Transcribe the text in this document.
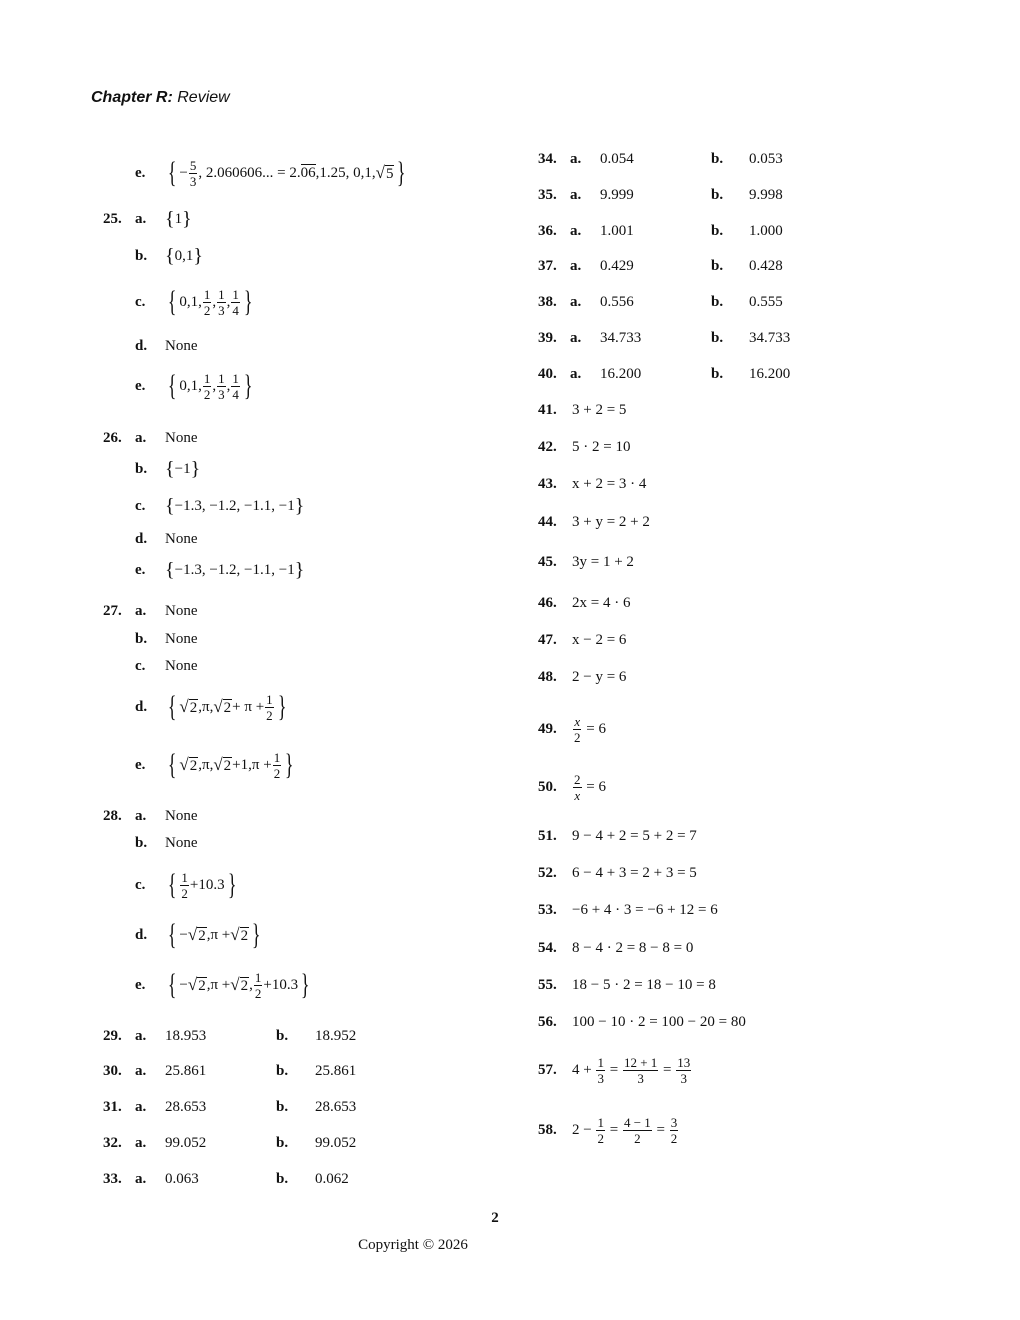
Chapter R: Review
e. { − $\frac{5}{3}$ , 2.060606... = 2. 06 ,1.25, 0,1, √ 5 }
25. a. { 1 }
b. { 0,1 }
c. { 0,1, 1
2
, 1
3
, 1
4 }
d. None
e. { 0,1, 1
2
, 1
3
, 1
4 }
26. a. None
b. { −1 }
c. { −1.3, −1.2, −1.1, −1 }
d. None
e. { −1.3, −1.2, −1.1, −1 }
27. a. None
b. None
c. None
d. { √ 2 ,π, √ $2 + \pi + \frac{1}{2}$ }
e. { √ 2 ,π, √ 2 +1 , $\pi + \frac{1}{2}$ }
28. a. None
b. None
c. { 1
2
+10.3 }
d. { − √ 2 , π + √ 2 }
e. { − √ 2 , π + √ 2 , 1
2
+10.3 }
29. a. 18.953	b. 18.952
30. a. 25.861	b. 25.861
31. a. 28.653	b. 28.653
32. a. 99.052	b. 99.052
33. a. 0.063	b. 0.062
34. a. 0.054	b. 0.053
35. a. 9.999	b. 9.998
36. a. 1.001	b. 1.000
37. a. 0.429	b. 0.428
38. a. 0.556	b. 0.555
39. a. 34.733	b. 34.733
40. a. 16.200	b. 16.200
41. 3 + 2 = 5
42. 5 · 2 = 10
43. x + 2 = 3 · 4
44. 3 + y = 2 + 2
45. 3y = 1 + 2
46. 2x = 4 · 6
47. x − 2 = 6
48. 2 − y = 6
49. $\frac{x}{2}$
= 6
50. $\frac{2}{x}$
= 6
51. 9 − 4 + 2 = 5 + 2 = 7
52. 6 − 4 + 3 = 2 + 3 = 5
53. −6 + 4 · 3 = −6 + 12 = 6
54. 8 − 4 · 2 = 8 − 8 = 0
55. 18 − 5 · 2 = 18 − 10 = 8
56. 100 − 10 · 2 = 100 − 20 = 80
57. 4 +
$\frac{1}{3}$
=
$\frac{12 + 1}{3}$
=
$\frac{13}{3}$
58. 2 −
$\frac{1}{2}$
=
$\frac{4 - 1}{2}$
=
$\frac{3}{2}$
2
Copyright © 2026
